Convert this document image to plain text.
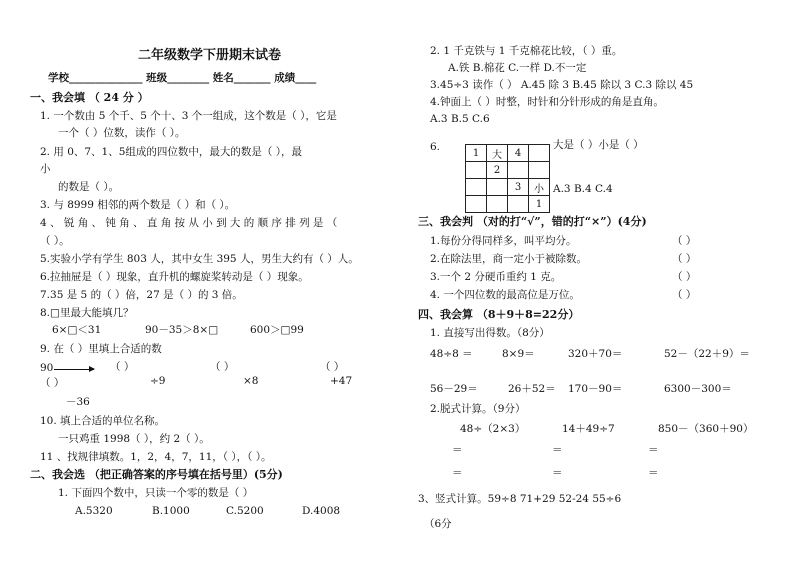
二年级数学下册期末试卷
学校______________ 班级________ 姓名_______ 成绩____
一、我会填 （ 24 分 ）
1. 一个数由 5 个千、5 个十、3 个一组成，这个数是（ ），它是
一个（ ）位数，读作（ ）。
2. 用 0、7、1、5组成的四位数中，最大的数是（ ），最
小
的数是（ ）。
3. 与 8999 相邻的两个数是（ ）和（ ）。
4 、 锐 角 、 钝 角 、 直 角 按 从 小 到 大 的 顺 序 排 列 是 （
（ ）。
5.实验小学有学生 803 人，其中女生 395 人，男生大约有（ ）人。
6.拉抽屉是（ ）现象，直升机的螺旋桨转动是（ ）现象。
7.35 是 5 的（ ）倍，27 是（ ）的 3 倍。
8.□里最大能填几？
6×□＜31	90－35＞8×□	600＞□99
9. 在（ ）里填上合适的数
90	（ ）
÷9
（ ）
×8
（ ）
+47
（ ）
－36
10. 填上合适的单位名称。
一只鸡重 1998（ ），约 2（ ）。
11 、找规律填数。1，2，4，7，11，（ ），（ ）。
二、我会选 （把正确答案的序号填在括号里）(5分)
1. 下面四个数中，只读一个零的数是（ ）
A.5320	B.1000	C.5200	D.4008
2. 1 千克铁与 1 千克棉花比较，（ ）重。
A.铁 B.棉花 C.一样 D.不一定
3.45÷3 读作（ ） A.45 除 3 B.45 除以 3 C.3 除以 45
4.钟面上（ ）时整，时针和分针形成的角是直角。
A.3 B.5 C.6
6.	1	大	4	
	2		
		3	小
			1
大是（ ）小是（ ）
A.3 B.4 C.4
三、我会判 （对的打“√”，错的打“×”）(4分)
1.每份分得同样多，叫平均分。	（ ）
2.在除法里，商一定小于被除数。	（ ）
3.一个 2 分硬币重约 1 克。	（ ）
4. 一个四位数的最高位是万位。	（ ）
四、我会算 （8＋9＋8=22分）
1. 直接写出得数。（8分）
48÷8 ＝	8×9＝	320＋70＝	52－（22＋9）＝
56－29＝	26＋52＝ 170－90＝	6300－300＝
2.脱式计算。（9分）
48÷（2×3）	14＋49÷7	850－（360＋90）
＝	＝	＝
＝	＝	＝
3、竖式计算。59÷8 71+29 52-24 55÷6
（6分
